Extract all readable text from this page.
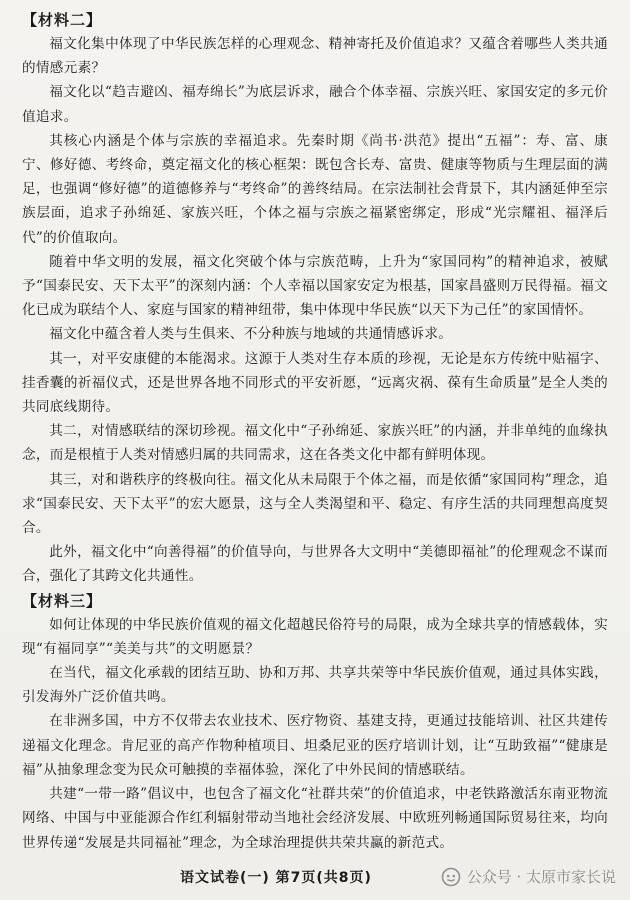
【材料二】

福文化集中体现了中华民族怎样的心理观念、精神寄托及价值追求？又蕴含着哪些人类共通的情感元素？

福文化以“趋吉避凶、福寿绵长”为底层诉求，融合个体幸福、宗族兴旺、家国安定的多元价值追求。

其核心内涵是个体与宗族的幸福追求。先秦时期《尚书·洪范》提出“五福”：寿、富、康宁、修好德、考终命，奠定福文化的核心框架：既包含长寿、富贵、健康等物质与生理层面的满足，也强调“修好德”的道德修养与“考终命”的善终结局。在宗法制社会背景下，其内涵延伸至宗族层面，追求子孙绵延、家族兴旺，个体之福与宗族之福紧密绑定，形成“光宗耀祖、福泽后代”的价值取向。

随着中华文明的发展，福文化突破个体与宗族范畴，上升为“家国同构”的精神追求，被赋予“国泰民安、天下太平”的深刻内涵：个人幸福以国家安定为根基，国家昌盛则万民得福。福文化已成为联结个人、家庭与国家的精神纽带，集中体现中华民族“以天下为己任”的家国情怀。

福文化中蕴含着人类与生俱来、不分种族与地域的共通情感诉求。

其一，对平安康健的本能渴求。这源于人类对生存本质的珍视，无论是东方传统中贴福字、挂香囊的祈福仪式，还是世界各地不同形式的平安祈愿，“远离灾祸、葆有生命质量”是全人类的共同底线期待。

其二，对情感联结的深切珍视。福文化中“子孙绵延、家族兴旺”的内涵，并非单纯的血缘执念，而是根植于人类对情感归属的共同需求，这在各类文化中都有鲜明体现。

其三，对和谐秩序的终极向往。福文化从未局限于个体之福，而是依循“家国同构”理念，追求“国泰民安、天下太平”的宏大愿景，这与全人类渴望和平、稳定、有序生活的共同理想高度契合。

此外，福文化中“向善得福”的价值导向，与世界各大文明中“美德即福祉”的伦理观念不谋而合，强化了其跨文化共通性。

【材料三】

如何让体现的中华民族价值观的福文化超越民俗符号的局限，成为全球共享的情感载体，实现“有福同享”“美美与共”的文明愿景？

在当代，福文化承载的团结互助、协和万邦、共享共荣等中华民族价值观，通过具体实践，引发海外广泛价值共鸣。

在非洲多国，中方不仅带去农业技术、医疗物资、基建支持，更通过技能培训、社区共建传递福文化理念。肯尼亚的高产作物种植项目、坦桑尼亚的医疗培训计划，让“互助致福”“健康是福”从抽象理念变为民众可触摸的幸福体验，深化了中外民间的情感联结。

共建“一带一路”倡议中，也包含了福文化“社群共荣”的价值追求，中老铁路激活东南亚物流网络、中国与中亚能源合作红利辐射带动当地社会经济发展、中欧班列畅通国际贸易往来，均向世界传递“发展是共同福祉”理念，为全球治理提供共荣共赢的新范式。

语文试卷(一) 第7页(共8页)	公众号 · 太原市家长说
